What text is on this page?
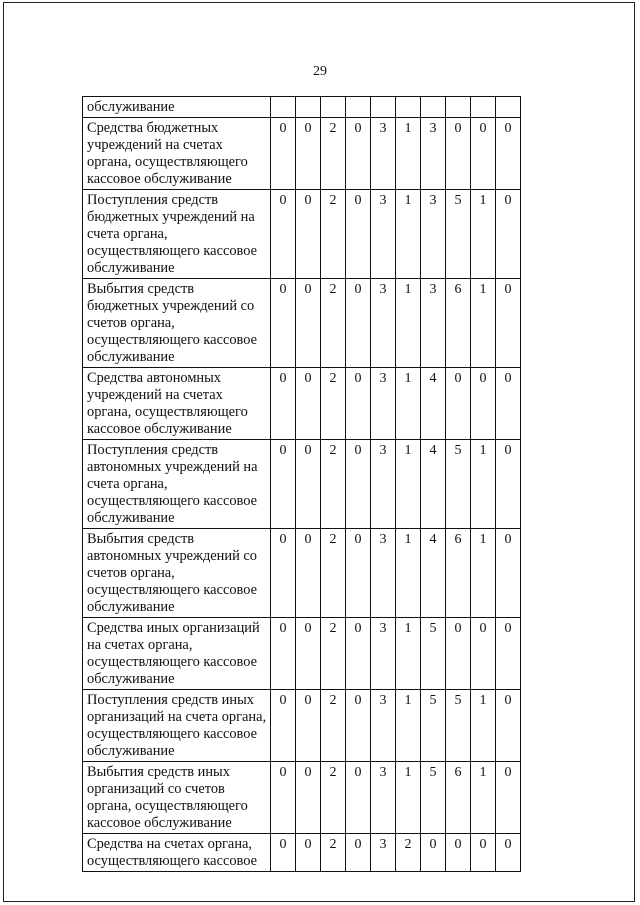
29
обслуживание										
Средства бюджетных учреждений на счетах органа, осуществляющего кассовое обслуживание	0	0	2	0	3	1	3	0	0	0
Поступления средств бюджетных учреждений на счета органа, осуществляющего кассовое обслуживание	0	0	2	0	3	1	3	5	1	0
Выбытия средств бюджетных учреждений со счетов органа, осуществляющего кассовое обслуживание	0	0	2	0	3	1	3	6	1	0
Средства автономных учреждений на счетах органа, осуществляющего кассовое обслуживание	0	0	2	0	3	1	4	0	0	0
Поступления средств автономных учреждений на счета органа, осуществляющего кассовое обслуживание	0	0	2	0	3	1	4	5	1	0
Выбытия средств автономных учреждений со счетов органа, осуществляющего кассовое обслуживание	0	0	2	0	3	1	4	6	1	0
Средства иных организаций на счетах органа, осуществляющего кассовое обслуживание	0	0	2	0	3	1	5	0	0	0
Поступления средств иных организаций на счета органа, осуществляющего кассовое обслуживание	0	0	2	0	3	1	5	5	1	0
Выбытия средств иных организаций со счетов органа, осуществляющего кассовое обслуживание	0	0	2	0	3	1	5	6	1	0
Средства на счетах органа, осуществляющего кассовое	0	0	2	0	3	2	0	0	0	0
